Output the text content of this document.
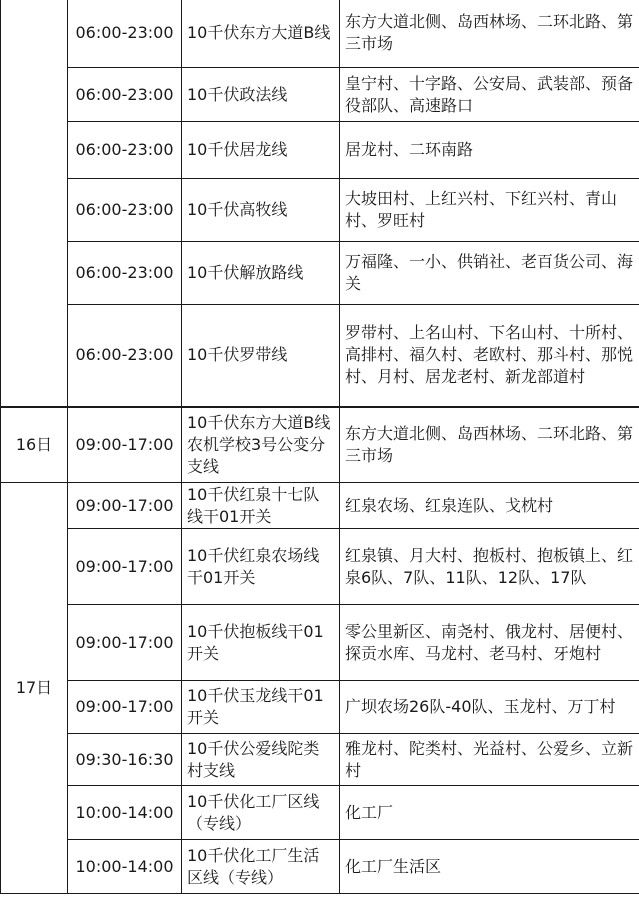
	06:00-23:00	10千伏东方大道B线	东方大道北侧、岛西林场、二环北路、第三市场
	06:00-23:00	10千伏政法线	皇宁村、十字路、公安局、武装部、预备役部队、高速路口
	06:00-23:00	10千伏居龙线	居龙村、二环南路
	06:00-23:00	10千伏高牧线	大坡田村、上红兴村、下红兴村、青山村、罗旺村
	06:00-23:00	10千伏解放路线	万福隆、一小、供销社、老百货公司、海关
	06:00-23:00	10千伏罗带线	罗带村、上名山村、下名山村、十所村、高排村、福久村、老欧村、那斗村、那悦村、月村、居龙老村、新龙部道村
16日	09:00-17:00	10千伏东方大道B线农机学校3号公变分支线	东方大道北侧、岛西林场、二环北路、第三市场
17日	09:00-17:00	10千伏红泉十七队线干01开关	红泉农场、红泉连队、戈枕村
	09:00-17:00	10千伏红泉农场线干01开关	红泉镇、月大村、抱板村、抱板镇上、红泉6队、7队、11队、12队、17队
	09:00-17:00	10千伏抱板线干01开关	零公里新区、南尧村、俄龙村、居便村、探贡水库、马龙村、老马村、牙炮村
	09:00-17:00	10千伏玉龙线干01开关	广坝农场26队-40队、玉龙村、万丁村
	09:30-16:30	10千伏公爱线陀类村支线	雅龙村、陀类村、光益村、公爱乡、立新村
	10:00-14:00	10千伏化工厂区线（专线）	化工厂
	10:00-14:00	10千伏化工厂生活区线（专线）	化工厂生活区
